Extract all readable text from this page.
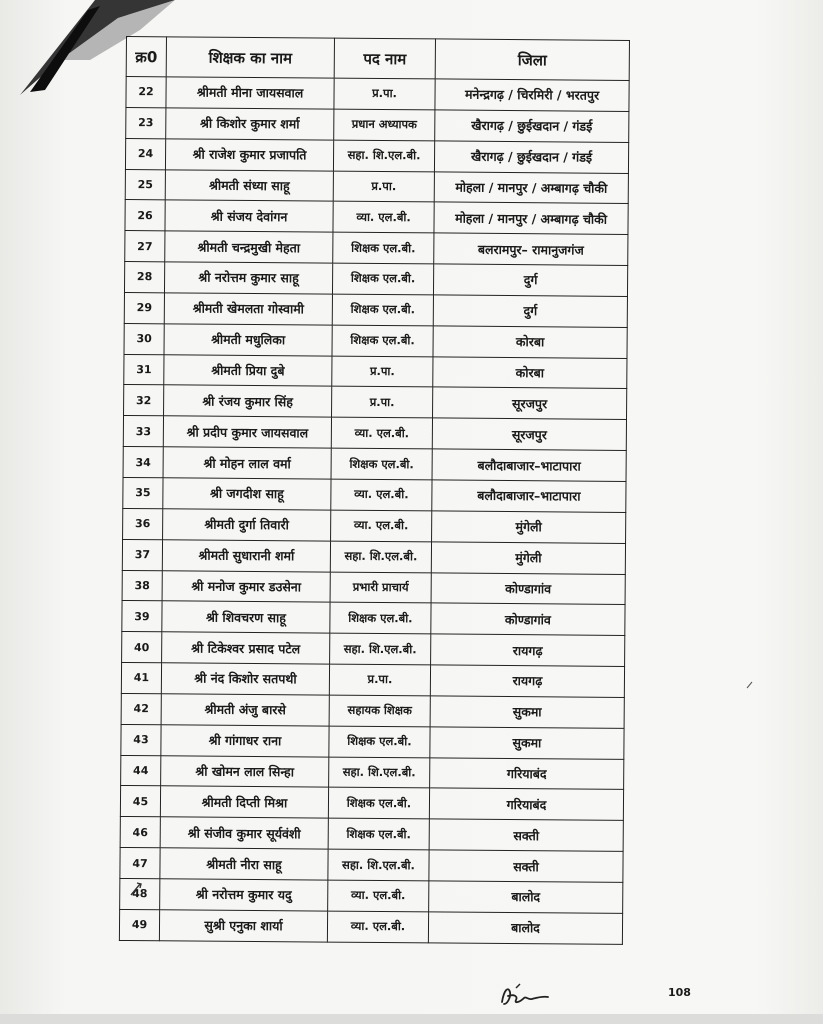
क्र0	शिक्षक का नाम	पद नाम	जिला
22	श्रीमती मीना जायसवाल	प्र.पा.	मनेन्द्रगढ़ / चिरमिरी / भरतपुर
23	श्री किशोर कुमार शर्मा	प्रधान अध्यापक	खैरागढ़ / छुईखदान / गंडई
24	श्री राजेश कुमार प्रजापति	सहा. शि.एल.बी.	खैरागढ़ / छुईखदान / गंडई
25	श्रीमती संध्या साहू	प्र.पा.	मोहला / मानपुर / अम्बागढ़ चौकी
26	श्री संजय देवांगन	व्या. एल.बी.	मोहला / मानपुर / अम्बागढ़ चौकी
27	श्रीमती चन्द्रमुखी मेहता	शिक्षक एल.बी.	बलरामपुर– रामानुजगंज
28	श्री नरोत्तम कुमार साहू	शिक्षक एल.बी.	दुर्ग
29	श्रीमती खेमलता गोस्वामी	शिक्षक एल.बी.	दुर्ग
30	श्रीमती मधुलिका	शिक्षक एल.बी.	कोरबा
31	श्रीमती प्रिया दुबे	प्र.पा.	कोरबा
32	श्री रंजय कुमार सिंह	प्र.पा.	सूरजपुर
33	श्री प्रदीप कुमार जायसवाल	व्या. एल.बी.	सूरजपुर
34	श्री मोहन लाल वर्मा	शिक्षक एल.बी.	बलौदाबाजार–भाटापारा
35	श्री जगदीश साहू	व्या. एल.बी.	बलौदाबाजार–भाटापारा
36	श्रीमती दुर्गा तिवारी	व्या. एल.बी.	मुंगेली
37	श्रीमती सुधारानी शर्मा	सहा. शि.एल.बी.	मुंगेली
38	श्री मनोज कुमार डउसेना	प्रभारी प्राचार्य	कोण्डागांव
39	श्री शिवचरण साहू	शिक्षक एल.बी.	कोण्डागांव
40	श्री टिकेश्वर प्रसाद पटेल	सहा. शि.एल.बी.	रायगढ़
41	श्री नंद किशोर सतपथी	प्र.पा.	रायगढ़
42	श्रीमती अंजु बारसे	सहायक शिक्षक	सुकमा
43	श्री गांगाधर राना	शिक्षक एल.बी.	सुकमा
44	श्री खोमन लाल सिन्हा	सहा. शि.एल.बी.	गरियाबंद
45	श्रीमती दिप्ती मिश्रा	शिक्षक एल.बी.	गरियाबंद
46	श्री संजीव कुमार सूर्यवंशी	शिक्षक एल.बी.	सक्ती
47	श्रीमती नीरा साहू	सहा. शि.एल.बी.	सक्ती
48	श्री नरोत्तम कुमार यदु	व्या. एल.बी.	बालोद
49	सुश्री एनुका शार्या	व्या. एल.बी.	बालोद
108
